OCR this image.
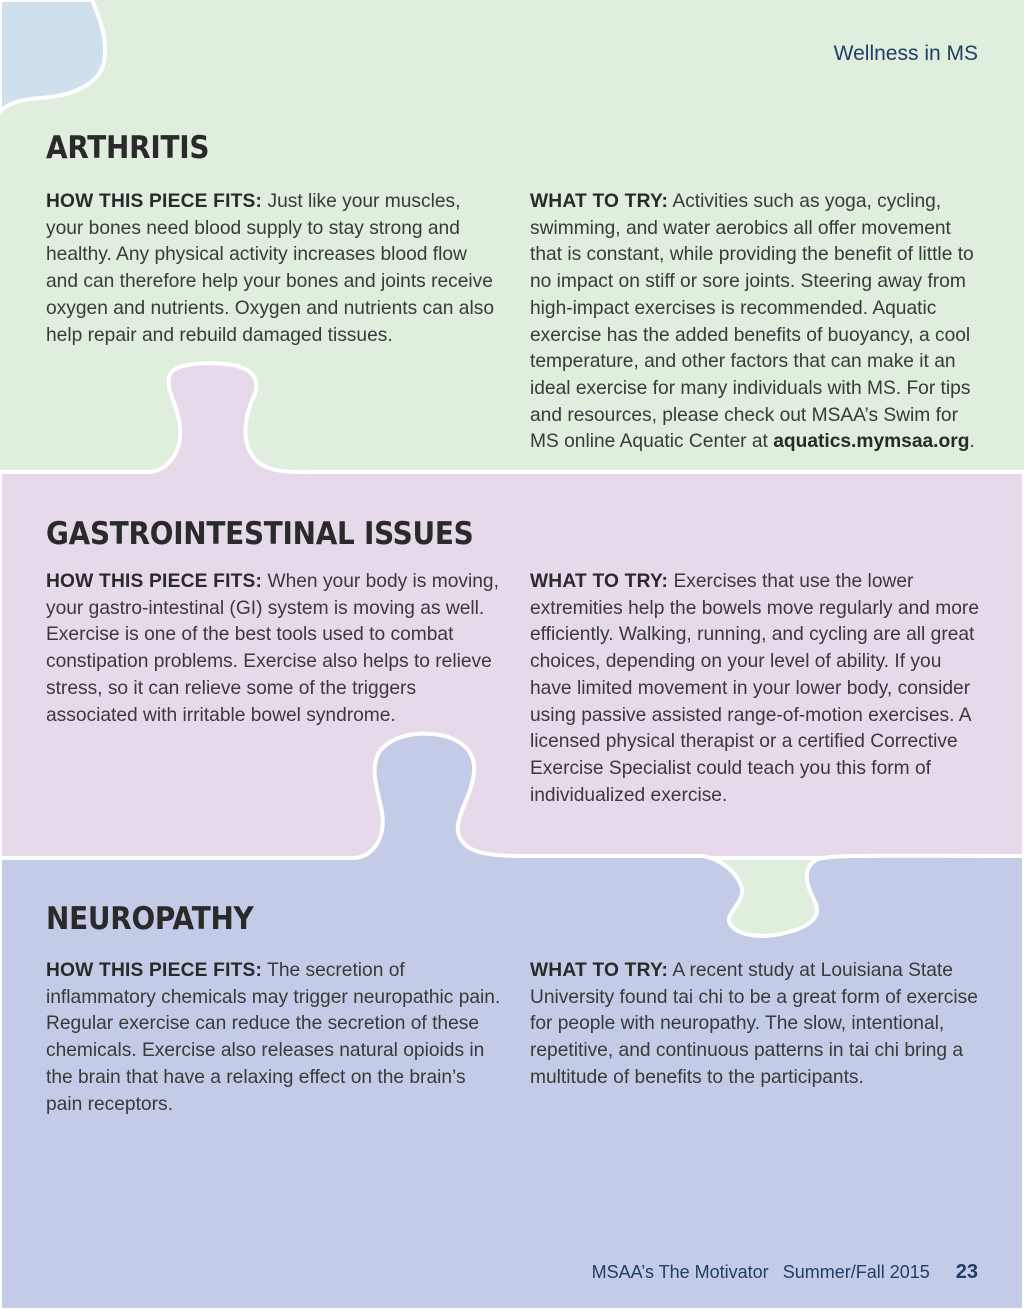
Wellness in MS
ARTHRITIS

HOW THIS PIECE FITS: Just like your muscles, your bones need blood supply to stay strong and healthy. Any physical activity increases blood flow and can therefore help your bones and joints receive oxygen and nutrients. Oxygen and nutrients can also help repair and rebuild damaged tissues.

WHAT TO TRY: Activities such as yoga, cycling, swimming, and water aerobics all offer movement that is constant, while providing the benefit of little to no impact on stiff or sore joints. Steering away from high-impact exercises is recommended. Aquatic exercise has the added benefits of buoyancy, a cool temperature, and other factors that can make it an ideal exercise for many individuals with MS. For tips and resources, please check out MSAA’s Swim for MS online Aquatic Center at aquatics.mymsaa.org.

GASTROINTESTINAL ISSUES

HOW THIS PIECE FITS: When your body is moving, your gastro-intestinal (GI) system is moving as well. Exercise is one of the best tools used to combat constipation problems. Exercise also helps to relieve stress, so it can relieve some of the triggers associated with irritable bowel syndrome.

WHAT TO TRY: Exercises that use the lower extremities help the bowels move regularly and more efficiently. Walking, running, and cycling are all great choices, depending on your level of ability. If you have limited movement in your lower body, consider using passive assisted range-of-motion exercises. A licensed physical therapist or a certified Corrective Exercise Specialist could teach you this form of individualized exercise.

NEUROPATHY

HOW THIS PIECE FITS: The secretion of inflammatory chemicals may trigger neuropathic pain. Regular exercise can reduce the secretion of these chemicals. Exercise also releases natural opioids in the brain that have a relaxing effect on the brain’s pain receptors.

WHAT TO TRY: A recent study at Louisiana State University found tai chi to be a great form of exercise for people with neuropathy. The slow, intentional, repetitive, and continuous patterns in tai chi bring a multitude of benefits to the participants.

MSAA’s The Motivator Summer/Fall 2015 23
